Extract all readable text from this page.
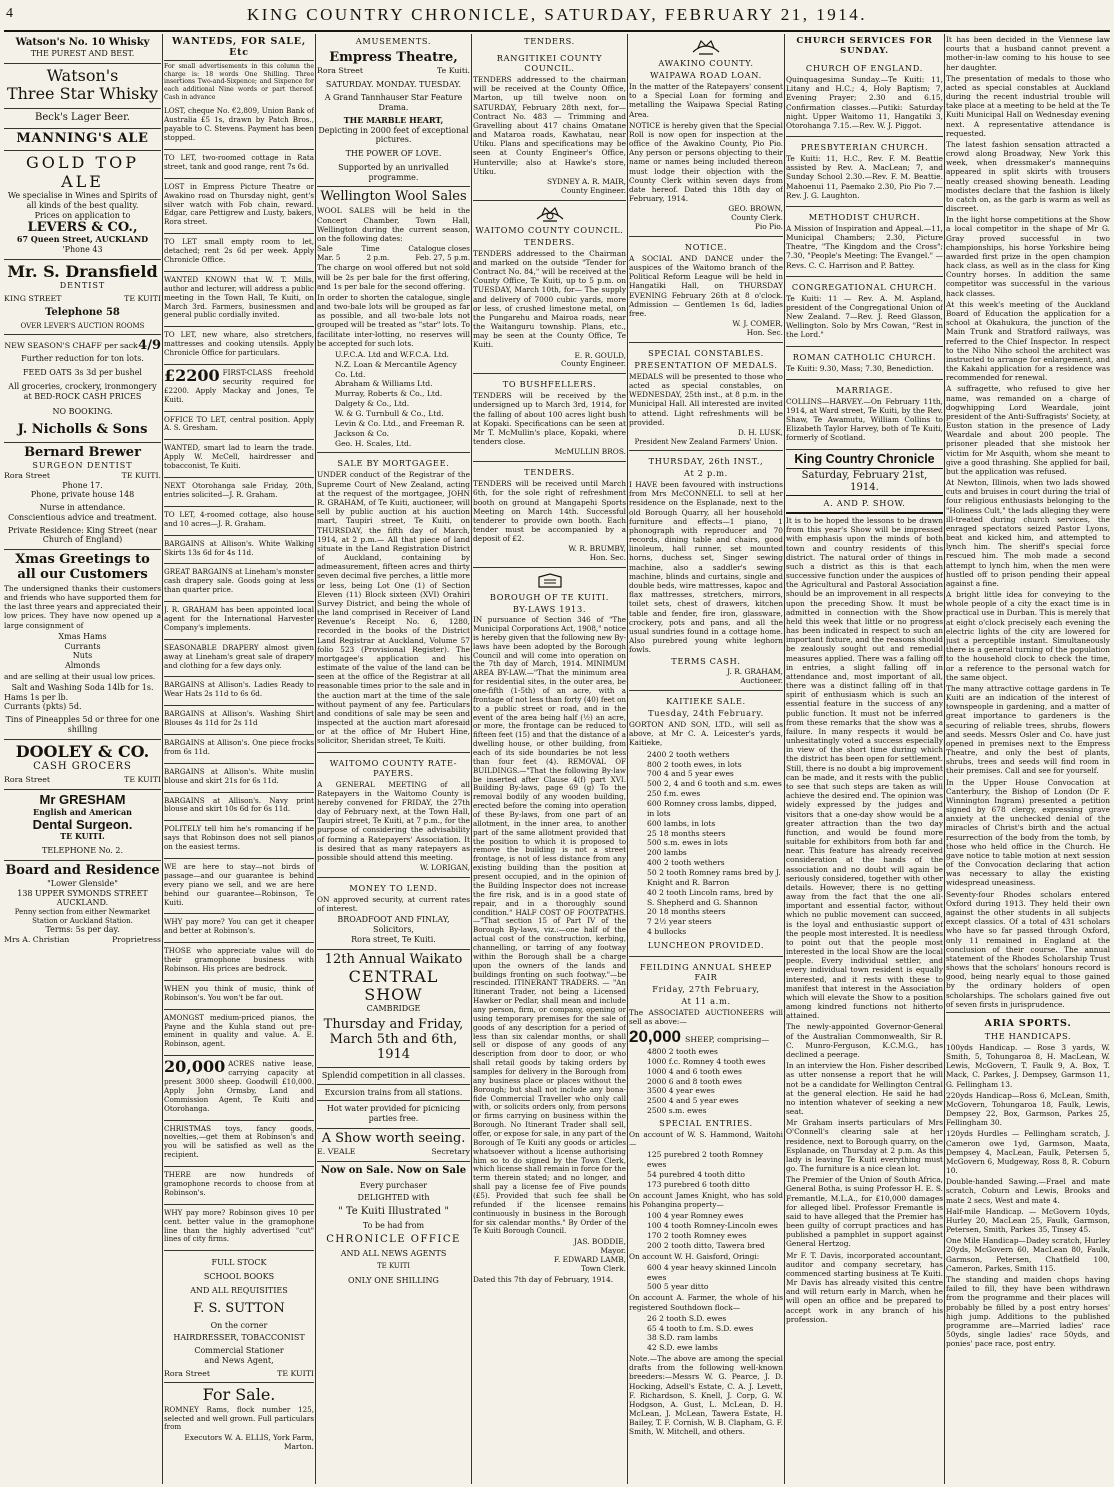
4	KING COUNTRY CHRONICLE, SATURDAY, FEBRUARY 21, 1914.
Watson's No. 10 Whisky
THE PUREST AND BEST.
Watson's
Three Star Whisky
Beck's Lager Beer.
MANNING'S ALE
GOLD TOP ALE
We specialise in Wines and Spirits of all kinds of the best quality.
Prices on application to
LEVERS & CO.,
67 Queen Street, AUCKLAND
'Phone 43
Mr. S. Dransfield
DENTIST
KING STREET	TE KUITI
Telephone 58
OVER LEVER'S AUCTION ROOMS
NEW SEASON'S CHAFF per sack 4/9
Further reduction for ton lots.
FEED OATS 3s 3d per bushel
All groceries, crockery, ironmongery at BED-ROCK CASH PRICES
NO BOOKING.
J. Nicholls & Sons
Bernard Brewer
SURGEON DENTIST
Rora Street	TE KUITI.
Phone 17.
Phone, private house 148
Nurse in attendance.
Conscientious advice and treatment.
Private Residence: King Street (near Church of England)
Xmas Greetings to all our Customers
The undersigned thanks their customers and friends who have supported them for the last three years and appreciated their low prices. They have now opened up a large consignment of
Xmas Hams
Currants
Nuts
Almonds
and are selling at their usual low prices.
Salt and Washing Soda 14lb for 1s.
Hams 1s per lb.
Currants (pkts) 5d.
Tins of Pineapples 5d or three for one shilling
DOOLEY & CO.
CASH GROCERS
Rora Street	TE KUITI
Mr GRESHAM
English and American
Dental Surgeon.
TE KUITI.
TELEPHONE No. 2.
Board and Residence
"Lower Glenside"
138 UPPER SYMONDS STREET AUCKLAND.
Penny section from either Newmarket Station or Auckland Station.
Terms: 5s per day.
Mrs A. Christian	Proprietress
WANTEDS, FOR SALE, Etc
For small advertisements in this column the charge is: 18 words One Shilling. Three insertions Two-and-Sixpence; and Sixpence for each additional Nine words or part thereof. Cash in advance
LOST, cheque No. €2,809, Union Bank of Australia £5 1s, drawn by Patch Bros., payable to C. Stevens. Payment has been stopped.
TO LET, two-roomed cottage in Rata street, tank and good range, rent 7s 6d.
LOST in Empress Picture Theatre or Awakino road on Thursday night, gent's silver watch with Fob chain, reward. Edgar, care Pettigrew and Lusty, bakers, Rora street.
TO LET small empty room to let, detached; rent 2s 6d per week. Apply Chronicle Office.
WANTED KNOWN that W. T. Mills, author and lecturer, will address a public meeting in the Town Hall, Te Kuiti, on March 3rd. Farmers, businessmen and general public cordially invited.
TO LET, new whare, also stretchers, mattresses and cooking utensils. Apply Chronicle Office for particulars.
£2200 FIRST-CLASS freehold security required for £2200. Apply Mackay and Jones, Te Kuiti.
OFFICE TO LET, central position. Apply A. S. Gresham.
WANTED, smart lad to learn the trade. Apply W. McCell, hairdresser and tobacconist, Te Kuiti.
NEXT Otorohanga sale Friday, 20th, entries solicited—J. R. Graham.
TO LET, 4-roomed cottage, also house and 10 acres—J. R. Graham.
BARGAINS at Allison's. White Walking Skirts 13s 6d for 4s 11d.
GREAT BARGAINS at Lineham's monster cash drapery sale. Goods going at less than quarter price.
J. R. GRAHAM has been appointed local agent for the International Harvester Company's implements.
SEASONABLE DRAPERY almost given away at Lineham's great sale of drapery and clothing for a few days only.
BARGAINS at Allison's. Ladies Ready to Wear Hats 2s 11d to 6s 6d.
BARGAINS at Allison's. Washing Shirt Blouses 4s 11d for 2s 11d
BARGAINS at Allison's. One piece frocks from 6s 11d.
BARGAINS at Allison's. White muslin blouse and skirt 21s for 6s 11d.
BARGAINS at Allison's. Navy print blouse and skirt 10s 6d for 6s 11d.
POLITELY tell him he's romancing if he says that Robinson does not sell pianos on the easiest terms.
WE are here to stay—not birds of passage—and our guarantee is behind every piano we sell, and we are here behind our guarantee—Robinson, Te Kuiti.
WHY pay more? You can get it cheaper and better at Robinson's.
THOSE who appreciate value will do their gramophone business with Robinson. His prices are bedrock.
WHEN you think of music, think of Robinson's. You won't be far out.
AMONGST medium-priced pianos, the Payne and the Kuhla stand out pre-eminent in quality and value. A. E. Robinson, agent.
20,000 ACRES native lease, carrying capacity at present 3000 sheep. Goodwill £10,000. Apply John Ormsby, Land and Commission Agent, Te Kuiti and Otorohanga.
CHRISTMAS toys, fancy goods, novelties,—get them at Robinson's and you will be satisfied as well as the recipient.
THERE are now hundreds of gramophone records to choose from at Robinson's.
WHY pay more? Robinson gives 10 per cent. better value in the gramophone line than the highly advertised "cut" lines of city firms.
FULL STOCK
SCHOOL BOOKS
AND ALL REQUISITIES
F. S. SUTTON
On the corner
HAIRDRESSER, TOBACCONIST
Commercial Stationer
and News Agent,
Rora Street	TE KUITI
For Sale.
ROMNEY Rams, flock number 125, selected and well grown. Full particulars from
Executors W. A. ELLIS, York Farm, Marton.
AMUSEMENTS.
Empress Theatre,
Rora Street	Te Kuiti.
SATURDAY. MONDAY. TUESDAY.
A Grand Tannhauser Star Feature Drama.
THE MARBLE HEART,
Depicting in 2000 feet of exceptional pictures.
THE POWER OF LOVE.
Supported by an unrivalled programme.
Wellington Wool Sales
WOOL SALES will be held in the Concert Chamber, Town Hall, Wellington during the current season, on the following dates:
Sale	Time	Catalogue closes
Mar. 5	2 p.m.	Feb. 27, 5 p.m.
The charge on wool offered but not sold will be 2s per bale for the first offering, and 1s per bale for the second offering.
In order to shorten the catalogue, single and two-bale lots will be grouped as far as possible, and all two-bale lots not grouped will be treated as "star" lots. To facilitate inter-lotting, no reserves will be accepted for such lots.
U.F.C.A. Ltd and W.F.C.A. Ltd.
N.Z. Loan & Mercantile Agency Co. Ltd.
Abraham & Williams Ltd.
Murray, Roberts & Co., Ltd.
Dalgety & Co., Ltd.
W. & G. Turnbull & Co., Ltd.
Levin & Co. Ltd., and Freeman R. Jackson & Co.
Geo. H. Scales, Ltd.
SALE BY MORTGAGEE.
UNDER conduct of the Registrar of the Supreme Court of New Zealand, acting at the request of the mortgagee, JOHN R. GRAHAM, of Te Kuiti, auctioneer, will sell by public auction at his auction mart, Taupiri street, Te Kuiti, on THURSDAY, the fifth day of March, 1914, at 2 p.m.— All that piece of land situate in the Land Registration District of Auckland, containing by admeasurement, fifteen acres and thirty seven decimal five perches, a little more or less, being Lot One (1) of Section Eleven (11) Block sixteen (XVI) Orahiri Survey District, and being the whole of the land comprised in Receiver of Land Revenue's Receipt No. 6, 1280, recorded in the books of the District Land Registrar at Auckland, Volume 57 folio 523 (Provisional Register). The mortgagee's application and his estimate of the value of the land can be seen at the office of the Registrar at all reasonable times prior to the sale and in the auction mart at the time of the sale without payment of any fee. Particulars and conditions of sale may be seen and inspected at the auction mart aforesaid or at the office of Mr Hubert Hine, solicitor, Sheridan street, Te Kuiti.
WAITOMO COUNTY RATE-PAYERS.
A GENERAL MEETING of all Ratepayers in the Waitomo County is hereby convened for FRIDAY, the 27th day of February next, at the Town Hall, Taupiri street, Te Kuiti, at 7 p.m., for the purpose of considering the advisability of forming a Ratepayers' Association. It is desired that as many ratepayers as possible should attend this meeting.
W. LORIGAN,
MONEY TO LEND.
ON approved security, at current rates of interest.
BROADFOOT AND FINLAY,
Solicitors,
Rora street, Te Kuiti.
12th Annual Waikato
CENTRAL SHOW
CAMBRIDGE
Thursday and Friday,
March 5th and 6th, 1914
Splendid competition in all classes.
Excursion trains from all stations.
Hot water provided for picnicing parties free.
A Show worth seeing.
E. VEALE	Secretary
Now on Sale. Now on Sale
Every purchaser
DELIGHTED with
" Te Kuiti Illustrated "
To be had from
CHRONICLE OFFICE
AND ALL NEWS AGENTS
TE KUITI
ONLY ONE SHILLING
TENDERS.
RANGITIKEI COUNTY COUNCIL.
TENDERS addressed to the chairman will be received at the County Office, Marton, up till twelve noon on SATURDAY, February 28th next, for— Contract No. 483 — Trimming and Gravelling about 417 chains Omatane and Mataroa roads, Kawhatau, near Utiku. Plans and specifications may be seen at County Engineer's Office, Hunterville; also at Hawke's store, Utiku.
SYDNEY A. R. MAIR,
County Engineer.
WAITOMO COUNTY COUNCIL.
TENDERS.
TENDERS addressed to the Chairman and marked on the outside "Tender for Contract No. 84," will be received at the County Office, Te Kuiti, up to 5 p.m. on TUESDAY, March 10th, for— The supply and delivery of 7000 cubic yards, more or less, of crushed limestone metal, on the Pungarehu and Mairoa roads, near the Waitanguru township. Plans, etc., may be seen at the County Office, Te Kuiti.
E. R. GOULD,
County Engineer.
TO BUSHFELLERS.
TENDERS will be received by the undersigned up to March 3rd, 1914, for the falling of about 100 acres light bush at Kopaki. Specifications can be seen at Mr T. McMullin's place, Kopaki, where tenders close.
McMULLIN BROS.
TENDERS.
TENDERS will be received until March 6th, for the sole right of refreshment booth on ground at Mangapehi Sports Meeting on March 14th. Successful tenderer to provide own booth. Each tender must be accompanied by a deposit of £2.
W. R. BRUMBY,
Hon. Sec.
BOROUGH OF TE KUITI.
BY-LAWS 1913.
IN pursuance of Section 346 of "The Municipal Corporations Act, 1908," notice is hereby given that the following new By-laws have been adopted by the Borough Council and will come into operation on the 7th day of March, 1914. MINIMUM AREA BY-LAW.—"That the minimum area for residential sites, in the outer area, be one-fifth (1-5th) of an acre, with a frontage of not less than forty (40) feet on to a public street or road, and in the event of the area being half (½) an acre, or more, the frontage can be reduced to fifteen feet (15) and that the distance of a dwelling house, or other building, from each of its side boundaries be not less than four feet (4). REMOVAL OF BUILDINGS.—"That the following By-law be inserted after Clause 4(f) part XVI. Building By-laws, page 69 (g) To the removal bodily of any wooden building, erected before the coming into operation of these By-laws, from one part of an allotment, in the inner area, to another part of the same allotment provided that the position to which it is proposed to remove the building is not a street frontage, is not of less distance from any existing building than the position at present occupied, and in the opinion of the Building Inspector does not increase the fire risk, and is in a good state of repair, and in a thoroughly sound condition." HALF COST OF FOOTPATHS.—"That section 15 of Part IV of the Borough By-laws, viz.:—one half of the actual cost of the construction, kerbing, channelling, or tarring of any footway within the Borough shall be a charge upon the owners of the lands and buildings fronting on such footway."—be rescinded. ITINERANT TRADERS. — "An Itinerant Trader, not being a Licensed Hawker or Pedlar, shall mean and include any person, firm, or company, opening or using temporary premises for the sale of goods of any description for a period of less than six calendar months, or shall sell or dispose of any goods of any description from door to door, or who shall retail goods by taking orders by samples for delivery in the Borough from any business place or places without the Borough; but shall not include any bona-fide Commercial Traveller who only call with, or solicits orders only, from persons or firms carrying on business within the Borough. No Itinerant Trader shall sell, offer, or expose for sale, in any part of the Borough of Te Kuiti any goods or articles whatsoever without a license authorising him so to do signed by the Town Clerk, which license shall remain in force for the term therein stated; and no longer, and shall pay a license fee of Five pounds (£5). Provided that such fee shall be refunded if the licensee remains continuously in business in the Borough for six calendar months." By Order of the Te Kuiti Borough Council.
JAS. BODDIE,
Mayor.
F. EDWARD LAMB,
Town Clerk.
Dated this 7th day of February, 1914.
AWAKINO COUNTY.
WAIPAWA ROAD LOAN.
In the matter of the Ratepayers' consent to a Special Loan for forming and metalling the Waipawa Special Rating Area.
NOTICE is hereby given that the Special Roll is now open for inspection at the office of the Awakino County, Pio Pio. Any person or persons objecting to their name or names being included thereon must lodge their objection with the County Clerk within seven days from date hereof. Dated this 18th day of February, 1914.
GEO. BROWN,
County Clerk.
Pio Pio.
NOTICE.
A SOCIAL AND DANCE under the auspices of the Waitomo branch of the Political Reform League will be held in Hangatiki Hall, on THURSDAY EVENING February 26th at 8 o'clock. Admission — Gentlemen 1s 6d, ladies free.
W. J. COMER,
Hon. Sec.
SPECIAL CONSTABLES.
PRESENTATION OF MEDALS.
MEDALS will be presented to those who acted as special constables, on WEDNESDAY, 25th inst., at 8 p.m. in the Municipal Hall. All interested are invited to attend. Light refreshments will be provided.
D. H. LUSK,
President New Zealand Farmers' Union.
THURSDAY, 26th INST.,
At 2 p.m.
I HAVE been favoured with instructions from Mrs McCONNELL to sell at her residence on the Esplanade, next to the old Borough Quarry, all her household furniture and effects—1 piano, 1 phonograph with reproducer and 70 records, dining table and chairs, good linoleum, hall runner, set mounted horns, duchess set, Singer sewing machine, also a saddler's sewing machine, blinds and curtains, single and double beds, wire mattresses, kapoc and flax mattresses, stretchers, mirrors, toilet sets, chest of drawers, kitchen table and fender, fire iron, glassware, crockery, pots and pans, and all the usual sundries found in a cottage home. Also purebred young white leghorn fowls.
TERMS CASH.
J. R. GRAHAM,
Auctioneer.
KAITIEKE SALE.
Tuesday, 24th February.
GORTON AND SON, LTD., will sell as above, at Mr C. A. Leicester's yards, Kaitieke,
2400 2 tooth wethers
800 2 tooth ewes, in lots
700 4 and 5 year ewes
500 2, 4 and 6 tooth and s.m. ewes
250 f.m. ewes
600 Romney cross lambs, dipped, in lots
600 lambs, in lots
25 18 months steers
500 s.m. ewes in lots
200 lambs
400 2 tooth wethers
50 2 tooth Romney rams bred by J. Knight and R. Barron
40 2 tooth Lincoln rams, bred by S. Shepherd and G. Shannon
20 18 months steers
7 2½ year steers
4 bullocks
LUNCHEON PROVIDED.
FEILDING ANNUAL SHEEP FAIR
Friday, 27th February,
At 11 a.m.
The ASSOCIATED AUCTIONEERS will sell as above:—
20,000 SHEEP, comprising—
4800 2 tooth ewes
1000 f.c. Romney 4 tooth ewes
1000 4 and 6 tooth ewes
2000 6 and 8 tooth ewes
3500 4 year ewes
2500 4 and 5 year ewes
2500 s.m. ewes
SPECIAL ENTRIES.
On account of W. S. Hammond, Waitohi—
125 purebred 2 tooth Romney ewes
54 purebred 4 tooth ditto
173 purebred 6 tooth ditto
On account James Knight, who has sold his Pohangina property—
100 4 year Romney ewes
100 4 tooth Romney-Lincoln ewes
170 2 tooth Romney ewes
200 2 tooth ditto, Tawera bred
On account W. H. Gaisford, Oringi:
600 4 year heavy skinned Lincoln ewes
500 5 year ditto
On account A. Farmer, the whole of his registered Southdown flock—
26 2 tooth S.D. ewes
65 4 tooth to f.m. S.D. ewes
38 S.D. ram lambs
42 S.D. ewe lambs
Note.—The above are among the special drafts from the following well-known breeders:—Messrs W. G. Pearce, J. D. Hocking, Adsell's Estate, C. A. J. Levett, F. Richardson, S. Knell, J. Corp, G. W. Hodgson, A. Gust, L. McLean, D. H. McLean, J. McLean, Tawera Estate, H. Bailey, T. F. Cornish, W. B. Clapham, G. F. Smith, W. Mitchell, and others.
CHURCH SERVICES FOR SUNDAY.
CHURCH OF ENGLAND.
Quinquagesima Sunday.—Te Kuiti: 11, Litany and H.C.; 4, Holy Baptism; 7, Evening Prayer; 2.30 and 6.15, Confirmation classes.—Putiki: Saturday night. Upper Waitomo 11, Hangatiki 3, Otorohanga 7.15.—Rev. W. J. Piggot.
PRESBYTERIAN CHURCH.
Te Kuiti: 11, H.C., Rev. F. M. Beattie assisted by Rev. A. MacLean; 7, and Sunday School 2.30.—Rev. F. M. Beattie. Mahoenui 11, Paemako 2.30, Pio Pio 7.—Rev. J. G. Laughton.
METHODIST CHURCH.
A Mission of Inspiration and Appeal.—11, Municipal Chambers; 2.30, Picture Theatre, "The Kingdom and the Cross"; 7.30, "People's Meeting: The Evangel." — Revs. C. C. Harrison and P. Battey.
CONGREGATIONAL CHURCH.
Te Kuiti: 11 — Rev. A. M. Aspland, president of the Congregational Union of New Zealand. 7—Rev. J. Reed Glasson, Wellington. Solo by Mrs Cowan, "Rest in the Lord."
ROMAN CATHOLIC CHURCH.
Te Kuiti: 9.30, Mass; 7.30, Benediction.
MARRIAGE.
COLLINS—HARVEY.—On February 11th, 1914, at Ward street, Te Kuiti, by the Rev. Shaw, Te Awamutu, William Collins to Elizabeth Taylor Harvey, both of Te Kuiti, formerly of Scotland.
King Country Chronicle
Saturday, February 21st, 1914.
A. AND P. SHOW.
It is to be hoped the lessons to be drawn from this year's Show will be impressed with emphasis upon the minds of both town and country residents of this district. The natural order of things in such a district as this is that each successive function under the auspices of the Agricultural and Pastoral Association should be an improvement in all respects upon the preceding Show. It must be admitted in connection with the Show held this week that little or no progress has been indicated in respect to such an important fixture, and the reasons should be zealously sought out and remedial measures applied. There was a falling off in entries, a slight falling off in attendance and, most important of all, there was a distinct falling off in that spirit of enthusiasm which is such an essential feature in the success of any public function. It must not be inferred from these remarks that the show was a failure. In many respects it would be unhesitatingly voted a success especially in view of the short time during which the district has been open for settlement. Still, there is no doubt a big improvement can be made, and it rests with the public to see that such steps are taken as will achieve the desired end. The opinion was widely expressed by the judges and visitors that a one-day show would be a greater attraction than the two day function, and would be found more suitable for exhibitors from both far and near. This feature has already received consideration at the hands of the association and no doubt will again be seriously considered, together with other details. However, there is no getting away from the fact that the one all-important and essential factor, without which no public movement can succeed, is the loyal and enthusiastic support of the people most interested. It is needless to point out that the people most interested in the local Show are the local people. Every individual settler, and every individual town resident is equally interested, and it rests with these to manifest that interest in the Association which will elevate the Show to a position among kindred functions not hitherto attained.
The newly-appointed Governor-General of the Australian Commonwealth, Sir R. C. Munro-Ferguson, K.C.M.G., has declined a peerage.
In an interview the Hon. Fisher described as utter nonsense a report that he will not be a candidate for Wellington Central at the general election. He said he had no intention whatever of seeking a new seat.
Mr Graham inserts particulars of Mrs O'Connell's clearing sale at her residence, next to Borough quarry, on the Esplanade, on Thursday at 2 p.m. As this lady is leaving Te Kuiti everything must go. The furniture is a nice clean lot.
The Premier of the Union of South Africa, General Botha, is suing Professor H. E. S. Fremantle, M.L.A., for £10,000 damages for alleged libel. Professor Fremantle is said to have alleged that the Premier has been guilty of corrupt practices and has published a pamphlet in support against General Hertzog.
Mr F. T. Davis, incorporated accountant, auditor and company secretary, has commenced starting business at Te Kuiti. Mr Davis has already visited this centre and will return early in March, when he will open an office and be prepared to accept work in any branch of his profession.
It has been decided in the Viennese law courts that a husband cannot prevent a mother-in-law coming to his house to see her daughter.
The presentation of medals to those who acted as special constables at Auckland during the recent industrial trouble will take place at a meeting to be held at the Te Kuiti Municipal Hall on Wednesday evening next. A representative attendance is requested.
The latest fashion sensation attracted a crowd along Broadway, New York this week, when dressmaker's mannequins appeared in split skirts with trousers neatly creased showing beneath. Leading modistes declare that the fashion is likely to catch on, as the garb is warm as well as discreet.
In the light horse competitions at the Show a local competitor in the shape of Mr G. Gray proved successful in two championships, his horse Yorkshire being awarded first prize in the open champion hack class, as well as in the class for King Country horses. In addition the same competitor was successful in the various hack classes.
At this week's meeting of the Auckland Board of Education the application for a school at Okahukura, the junction of the Main Trunk and Stratford railways, was referred to the Chief Inspector. In respect to the Niho Niho school the architect was instructed to arrange for enlargement, and the Kakahi application for a residence was recommended for renewal.
A suffragette, who refused to give her name, was remanded on a charge of dogwhipping Lord Weardale, joint president of the Anti-Suffragists' Society, at Euston station in the presence of Lady Weardale and about 200 people. The prisoner pleaded that she mistook her victim for Mr Asquith, whom she meant to give a good thrashing. She applied for bail, but the application was refused.
At Newton, Illinois, when two lads showed cuts and bruises in court during the trial of four religious enthusiasts belonging to the "Holiness Cult," the lads alleging they were ill-treated during church services, the enraged spectators seized Pastor Lyons, beat and kicked him, and attempted to lynch him. The sheriff's special force rescued him. The mob made a second attempt to lynch him, when the men were hustled off to prison pending their appeal against a fine.
A bright little idea for conveying to the whole people of a city the exact time is in practical use in Durban. This is merely that at eight o'clock precisely each evening the electric lights of the city are lowered for just a perceptible instant. Simultaneously there is a general turning of the population to the household clock to check the time, or a reference to the personal watch for the same object.
The many attractive cottage gardens in Te Kuiti are an indication of the interest of townspeople in gardening, and a matter of great importance to gardeners is the securing of reliable trees, shrubs, flowers and seeds. Messrs Osler and Co. have just opened in premises next to the Empress Theatre, and only the best of plants, shrubs, trees and seeds will find room in their premises. Call and see for yourself.
In the Upper House Convocation at Canterbury, the Bishop of London (Dr F. Winnington Ingram) presented a petition signed by 678 clergy, expressing grave anxiety at the unchecked denial of the miracles of Christ's birth and the actual resurrection of the body from the tomb, by those who held office in the Church. He gave notice to table motion at next session of the Convocation declaring that action was necessary to allay the existing widespread uneasiness.
Seventy-four Rhodes scholars entered Oxford during 1913. They held their own against the other students in all subjects except classics. Of a total of 431 scholars who have so far passed through Oxford, only 11 remained in England at the conclusion of their course. The annual statement of the Rhodes Scholarship Trust shows that the scholars' honours record is good, being nearly equal to those gained by the ordinary holders of open scholarships. The scholars gained five out of seven firsts in jurisprudence.
ARIA SPORTS.
THE HANDICAPS.
100yds Handicap. — Rose 3 yards, W. Smith, 5, Tohungaroa 8, H. MacLean, W. Lewis, McGovern, T. Faulk 9, A. Box, T. Mack, C. Parkes, J. Dempsey, Garmson 11, G. Fellingham 13.
220yds Handicap—Ross 6, McLean, Smith, McGovern, Tohungaroa 18, Faulk, Lewis, Dempsey 22, Box, Garmson, Parkes 25, Fellingham 30.
120yds Hurdles — Fellingham scratch, J. Cameron owe 1yd, Garmson, Maata, Dempsey 4, MacLean, Faulk, Petersen 5, McGovern 6, Mudgeway, Ross 8, R. Coburn 10.
Double-handed Sawing.—Frael and mate scratch, Coburn and Lewis, Brooks and mate 2 secs, West and mate 4.
Half-mile Handicap. — McGovern 10yds, Hurley 20, MacLean 25, Faulk, Garmson, Petersen, Smith, Parkes 35, Tinsey 45.
One Mile Handicap—Dadey scratch, Hurley 20yds, McGovern 60, MacLean 80, Faulk, Garmson, Petersen, Chatfield 100, Cameron, Parkes, Smith 115.
The standing and maiden chops having failed to fill, they have been withdrawn from the programme and their places will probably be filled by a post entry horses' high jump. Additions to the published programme are—Married ladies' race 50yds, single ladies' race 50yds, and ponies' pace race, post entry.
